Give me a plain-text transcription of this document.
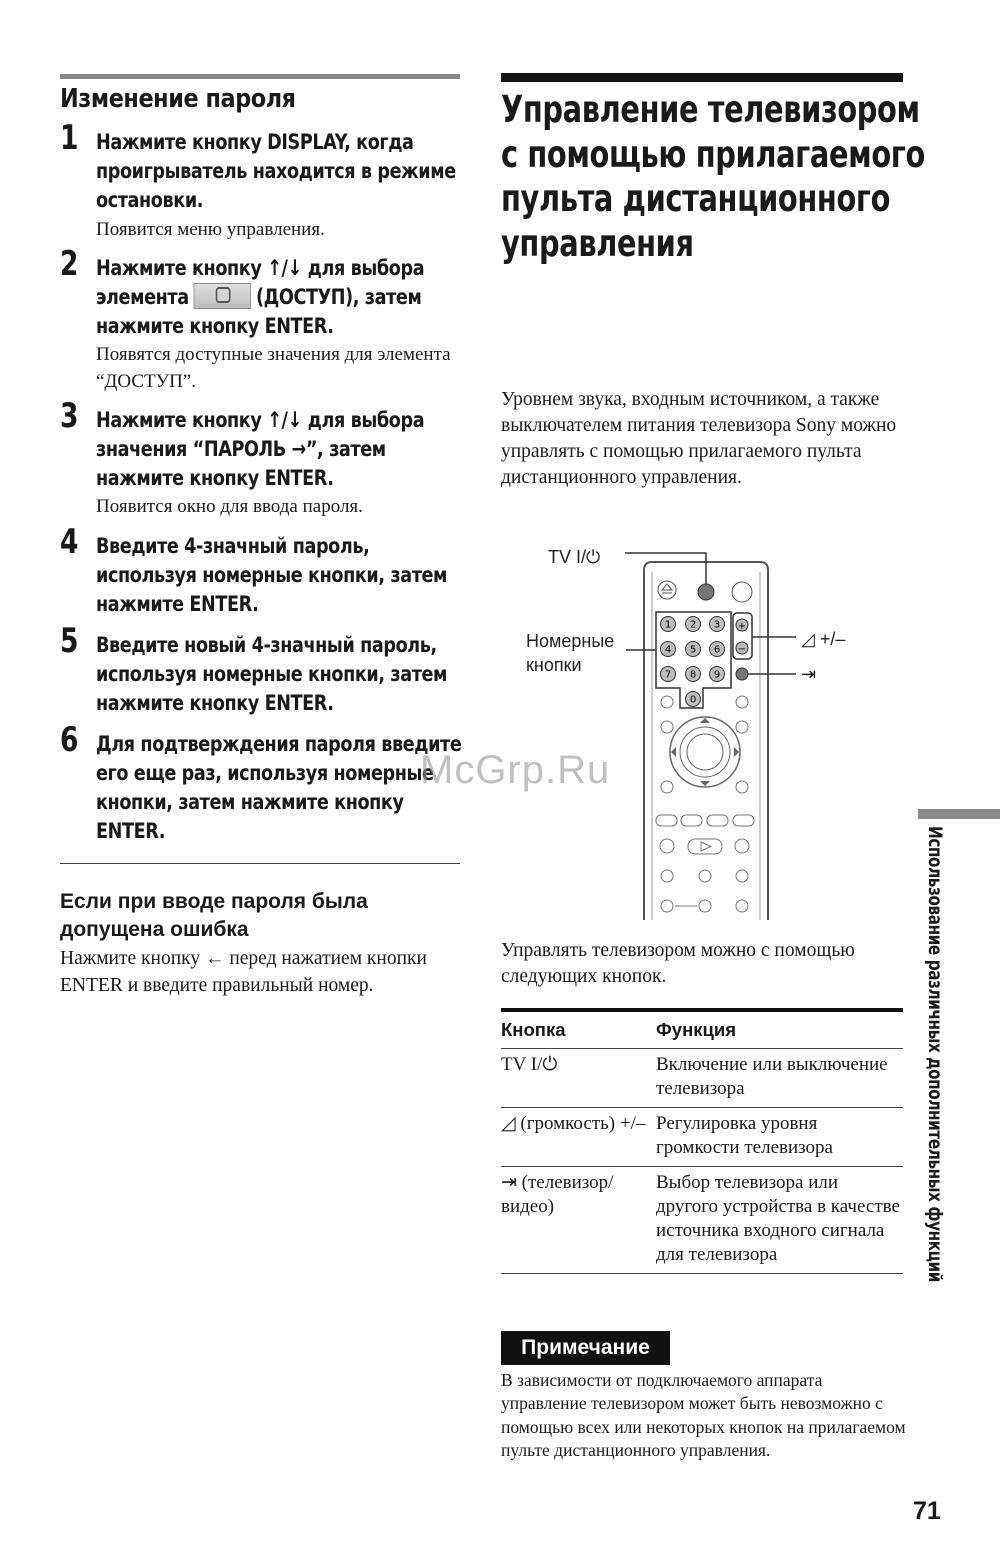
Изменение пароля
1 Нажмите кнопку DISPLAY, когда проигрыватель находится в режиме остановки.
Появится меню управления.
2 Нажмите кнопку ↑/↓ для выбора элемента	(ДОСТУП), затем нажмите кнопку ENTER.
Появятся доступные значения для элемента “ДОСТУП”.
3 Нажмите кнопку ↑/↓ для выбора значения “ПАРОЛЬ →”, затем нажмите кнопку ENTER.
Появится окно для ввода пароля.
4 Введите 4-значный пароль, используя номерные кнопки, затем нажмите ENTER.
5 Введите новый 4-значный пароль, используя номерные кнопки, затем нажмите кнопку ENTER.
6 Для подтверждения пароля введите его еще раз, используя номерные кнопки, затем нажмите кнопку ENTER.
Если при вводе пароля была допущена ошибка
Нажмите кнопку ← перед нажатием кнопки ENTER и введите правильный номер.
Управление телевизором с помощью прилагаемого пульта дистанционного управления
Уровнем звука, входным источником, а также выключателем питания телевизора Sony можно управлять с помощью прилагаемого пульта дистанционного управления.
TV I/⏻
Номерные
кнопки
◿ +/–
⇥
+
−
1 2 3
4 5 6
7 8 9
0
Управлять телевизором можно с помощью следующих кнопок.
Кнопка	Функция
TV I/⏻	Включение или выключение телевизора
◿ (громкость) +/– Регулировка уровня громкости телевизора
⇥ (телевизор/видео)
Выбор телевизора или другого устройства в качестве источника входного сигнала для телевизора
Примечание
В зависимости от подключаемого аппарата управление телевизором может быть невозможно с помощью всех или некоторых кнопок на прилагаемом пульте дистанционного управления.
Использование различных дополнительных функций
71
McGrp.Ru
